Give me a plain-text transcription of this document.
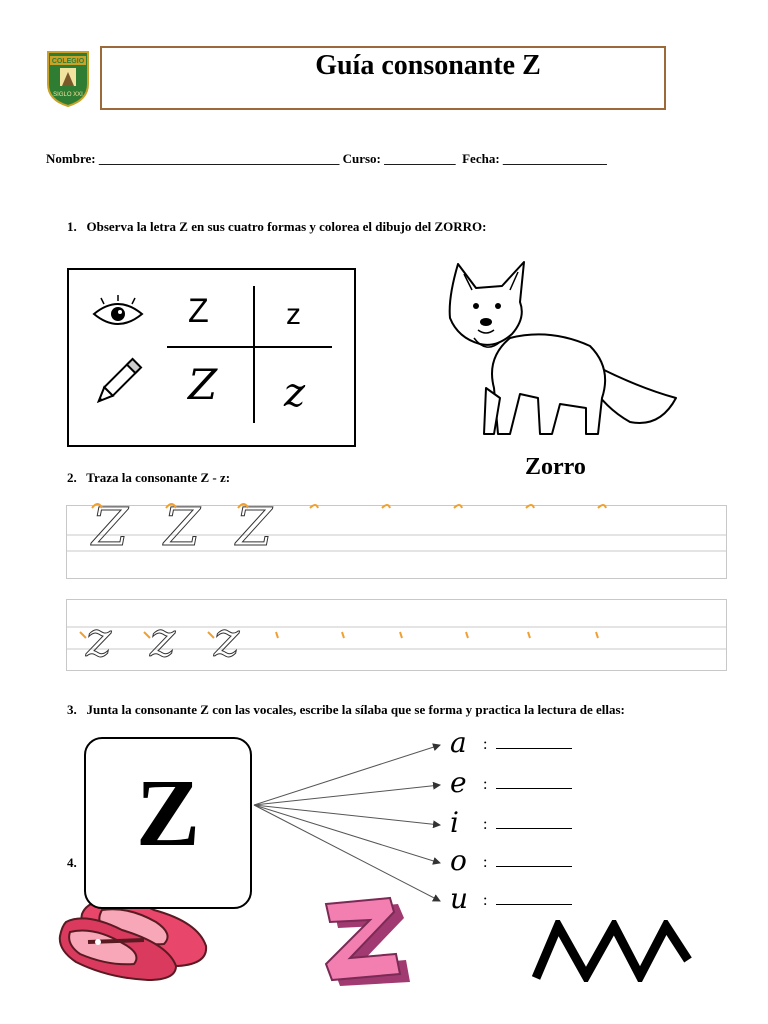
COLEGIO
SIGLO XXI
Guía consonante Z
Nombre: _____________________________________ Curso: ___________  Fecha: ________________
1.   Observa la letra Z en sus cuatro formas y colorea el dibujo del ZORRO:
Z	z
Z z
Zorro
2.   Traza la consonante Z - z:
Z Z Z
z z z
3.   Junta la consonante Z con las vocales, escribe la sílaba que se forma y practica la lectura de ellas:
4. Z
a
e
i
o
u
:
:
:
:
:
